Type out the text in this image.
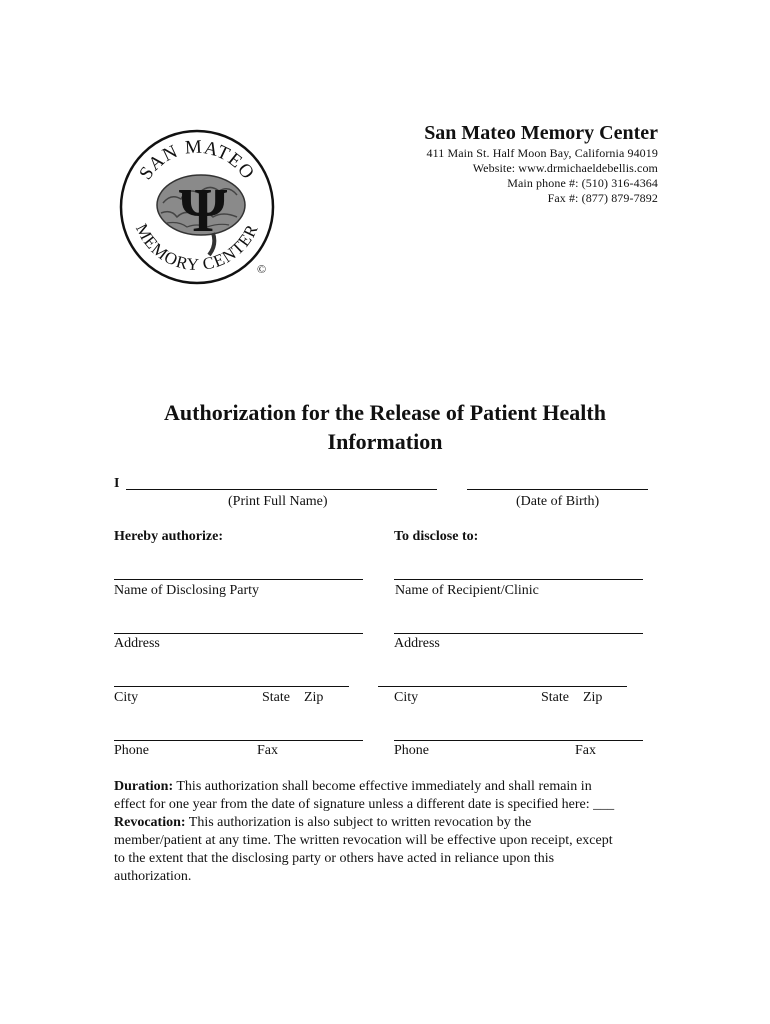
SAN MATEO
MEMORY CENTER
Ψ
©
San Mateo Memory Center
411 Main St. Half Moon Bay, California 94019
Website: www.drmichaeldebellis.com
Main phone #: (510) 316-4364
Fax #: (877) 879-7892
Authorization for the Release of Patient Health
Information
I
(Print Full Name)	(Date of Birth)
Hereby authorize:	To disclose to:
Name of Disclosing Party	Name of Recipient/Clinic
Address	Address
City	State    Zip	City	State    Zip
Phone	Fax	Phone	Fax
Duration: This authorization shall become effective immediately and shall remain in
effect for one year from the date of signature unless a different date is specified here: ___
Revocation: This authorization is also subject to written revocation by the
member/patient at any time. The written revocation will be effective upon receipt, except
to the extent that the disclosing party or others have acted in reliance upon this
authorization.
